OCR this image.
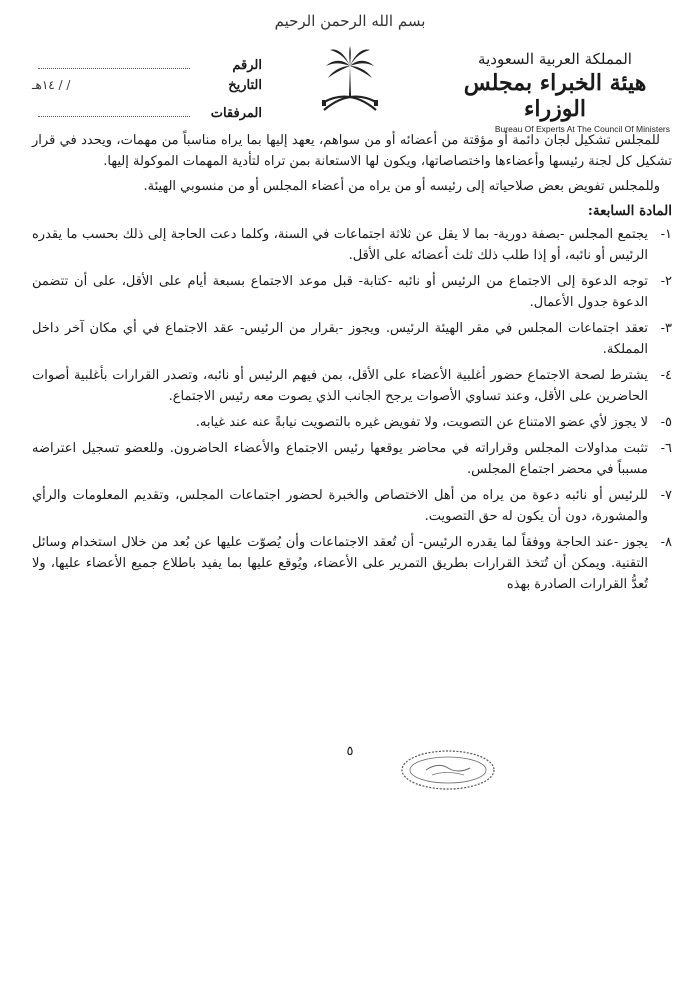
بسم الله الرحمن الرحيم
الرقم
التاريخ
/ / ١٤هـ
المرفقات
المملكة العربية السعودية
هيئة الخبراء بمجلس الوزراء
Bureau Of Experts At The Council Of Ministers

للمجلس تشكيل لجان دائمة أو مؤقتة من أعضائه أو من سواهم، يعهد إليها بما يراه مناسباً من مهمات، ويحدد في قرار تشكيل كل لجنة رئيسها وأعضاءها واختصاصاتها، ويكون لها الاستعانة بمن تراه لتأدية المهمات الموكولة إليها.

وللمجلس تفويض بعض صلاحياته إلى رئيسه أو من يراه من أعضاء المجلس أو من منسوبي الهيئة.

المادة السابعة:
١-
يجتمع المجلس -بصفة دورية- بما لا يقل عن ثلاثة اجتماعات في السنة، وكلما دعت الحاجة إلى ذلك بحسب ما يقدره الرئيس أو نائبه، أو إذا طلب ذلك ثلث أعضائه على الأقل.
٢-
توجه الدعوة إلى الاجتماع من الرئيس أو نائبه -كتابة- قبل موعد الاجتماع بسبعة أيام على الأقل، على أن تتضمن الدعوة جدول الأعمال.
٣-
تعقد اجتماعات المجلس في مقر الهيئة الرئيس. ويجوز -بقرار من الرئيس- عقد الاجتماع في أي مكان آخر داخل المملكة.
٤-
يشترط لصحة الاجتماع حضور أغلبية الأعضاء على الأقل، بمن فيهم الرئيس أو نائبه، وتصدر القرارات بأغلبية أصوات الحاضرين على الأقل، وعند تساوي الأصوات يرجح الجانب الذي يصوت معه رئيس الاجتماع.
٥-
لا يجوز لأي عضو الامتناع عن التصويت، ولا تفويض غيره بالتصويت نيابةً عنه عند غيابه.
٦-
تثبت مداولات المجلس وقراراته في محاضر يوقعها رئيس الاجتماع والأعضاء الحاضرون. وللعضو تسجيل اعتراضه مسبباً في محضر اجتماع المجلس.
٧-
للرئيس أو نائبه دعوة من يراه من أهل الاختصاص والخبرة لحضور اجتماعات المجلس، وتقديم المعلومات والرأي والمشورة، دون أن يكون له حق التصويت.
٨-
يجوز -عند الحاجة ووفقاً لما يقدره الرئيس- أن تُعقد الاجتماعات وأن يُصوّت عليها عن بُعد من خلال استخدام وسائل التقنية. ويمكن أن تُتخذ القرارات بطريق التمرير على الأعضاء، ويُوقع عليها بما يفيد باطلاع جميع الأعضاء عليها، ولا تُعدُّ القرارات الصادرة بهذه
٥
